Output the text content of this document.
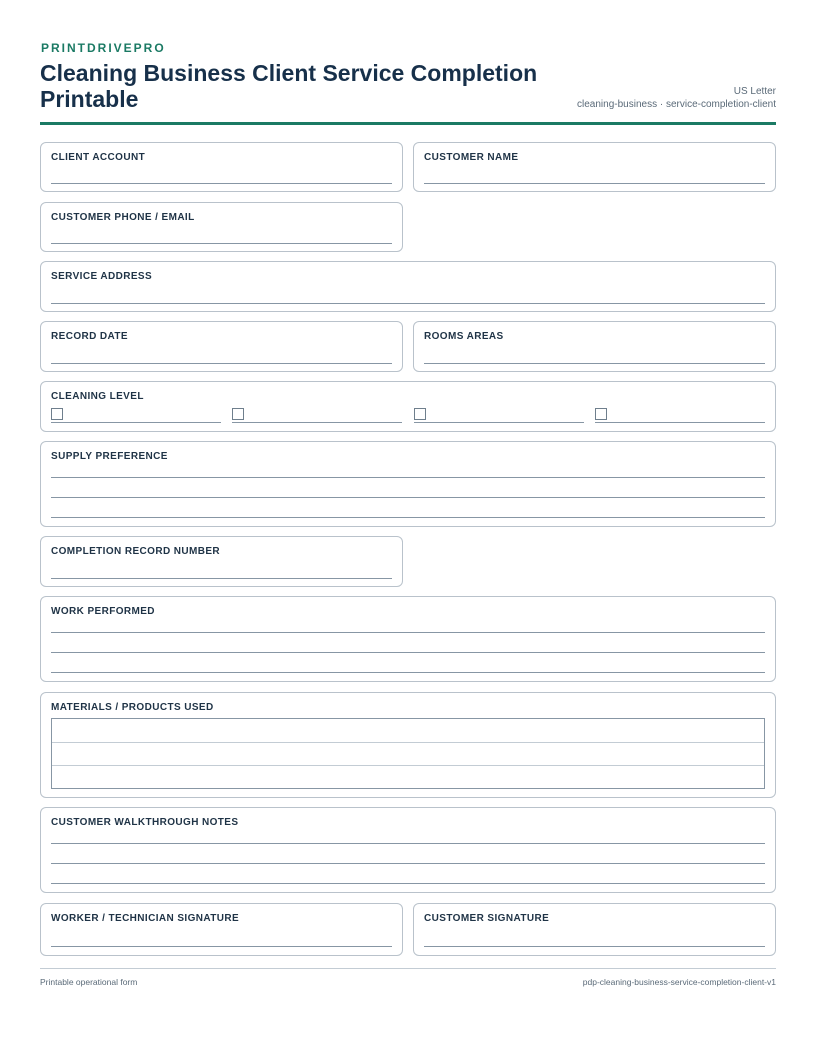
PRINTDRIVEPRO
Cleaning Business Client Service Completion Printable	US Letter
cleaning-business · service-completion-client
CLIENT ACCOUNT	CUSTOMER NAME
CUSTOMER PHONE / EMAIL
SERVICE ADDRESS
RECORD DATE	ROOMS AREAS
CLEANING LEVEL
SUPPLY PREFERENCE
COMPLETION RECORD NUMBER
WORK PERFORMED
MATERIALS / PRODUCTS USED
CUSTOMER WALKTHROUGH NOTES
WORKER / TECHNICIAN SIGNATURE	CUSTOMER SIGNATURE
Printable operational form	pdp-cleaning-business-service-completion-client-v1
